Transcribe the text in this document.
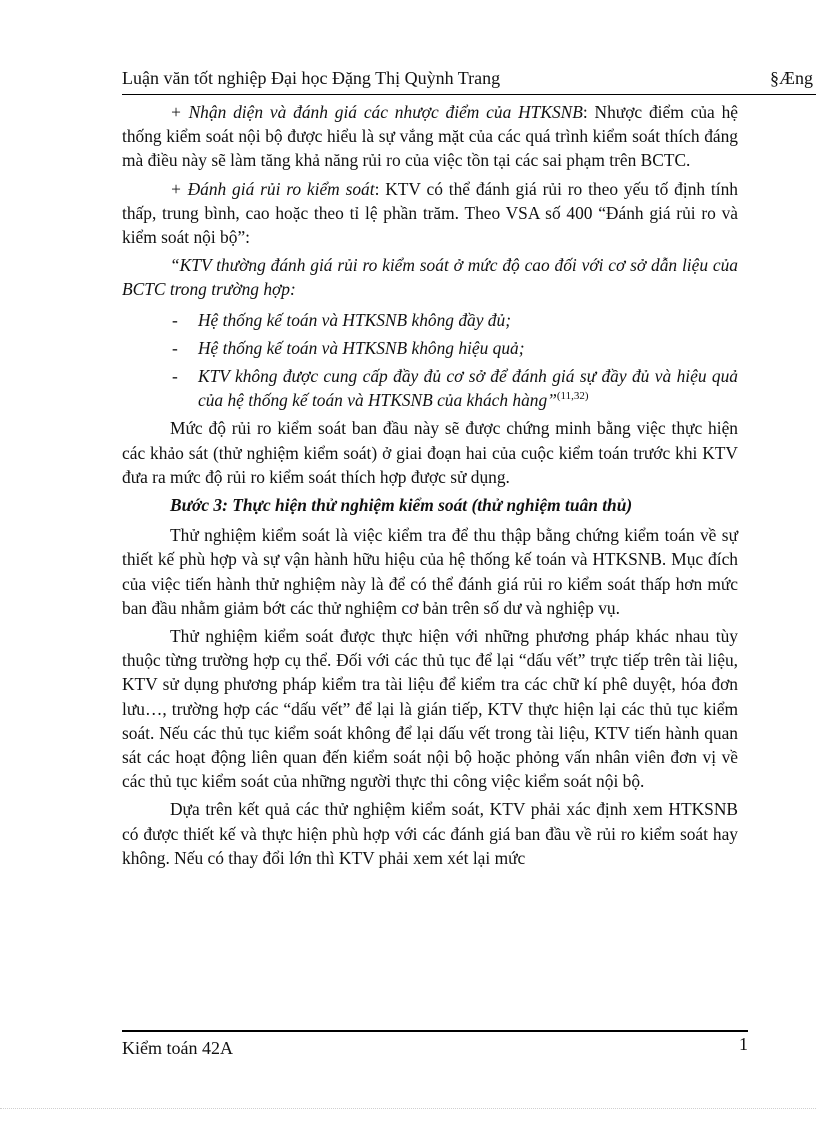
Luận văn tốt nghiệp Đại học Đặng Thị Quỳnh Trang	§Æng

+ Nhận diện và đánh giá các nhược điểm của HTKSNB: Nhược điểm của hệ thống kiểm soát nội bộ được hiểu là sự vắng mặt của các quá trình kiểm soát thích đáng mà điều này sẽ làm tăng khả năng rủi ro của việc tồn tại các sai phạm trên BCTC.

+ Đánh giá rủi ro kiểm soát: KTV có thể đánh giá rủi ro theo yếu tố định tính thấp, trung bình, cao hoặc theo tỉ lệ phần trăm. Theo VSA số 400 “Đánh giá rủi ro và kiểm soát nội bộ”:

“KTV thường đánh giá rủi ro kiểm soát ở mức độ cao đối với cơ sở dẫn liệu của BCTC trong trường hợp:

- Hệ thống kế toán và HTKSNB không đầy đủ;
- Hệ thống kế toán và HTKSNB không hiệu quả;
- KTV không được cung cấp đầy đủ cơ sở để đánh giá sự đầy đủ và hiệu quả của hệ thống kế toán và HTKSNB của khách hàng”$^{(11,32)}$

Mức độ rủi ro kiểm soát ban đầu này sẽ được chứng minh bằng việc thực hiện các khảo sát (thử nghiệm kiểm soát) ở giai đoạn hai của cuộc kiểm toán trước khi KTV đưa ra mức độ rủi ro kiểm soát thích hợp được sử dụng.

Bước 3: Thực hiện thử nghiệm kiểm soát (thử nghiệm tuân thủ)

Thử nghiệm kiểm soát là việc kiểm tra để thu thập bằng chứng kiểm toán về sự thiết kế phù hợp và sự vận hành hữu hiệu của hệ thống kế toán và HTKSNB. Mục đích của việc tiến hành thử nghiệm này là để có thể đánh giá rủi ro kiểm soát thấp hơn mức ban đầu nhằm giảm bớt các thử nghiệm cơ bản trên số dư và nghiệp vụ.

Thử nghiệm kiểm soát được thực hiện với những phương pháp khác nhau tùy thuộc từng trường hợp cụ thể. Đối với các thủ tục để lại “dấu vết” trực tiếp trên tài liệu, KTV sử dụng phương pháp kiểm tra tài liệu để kiểm tra các chữ kí phê duyệt, hóa đơn lưu…, trường hợp các “dấu vết” để lại là gián tiếp, KTV thực hiện lại các thủ tục kiểm soát. Nếu các thủ tục kiểm soát không để lại dấu vết trong tài liệu, KTV tiến hành quan sát các hoạt động liên quan đến kiểm soát nội bộ hoặc phỏng vấn nhân viên đơn vị về các thủ tục kiểm soát của những người thực thi công việc kiểm soát nội bộ.

Dựa trên kết quả các thử nghiệm kiểm soát, KTV phải xác định xem HTKSNB có được thiết kế và thực hiện phù hợp với các đánh giá ban đầu về rủi ro kiểm soát hay không. Nếu có thay đổi lớn thì KTV phải xem xét lại mức

Kiểm toán 42A	1
